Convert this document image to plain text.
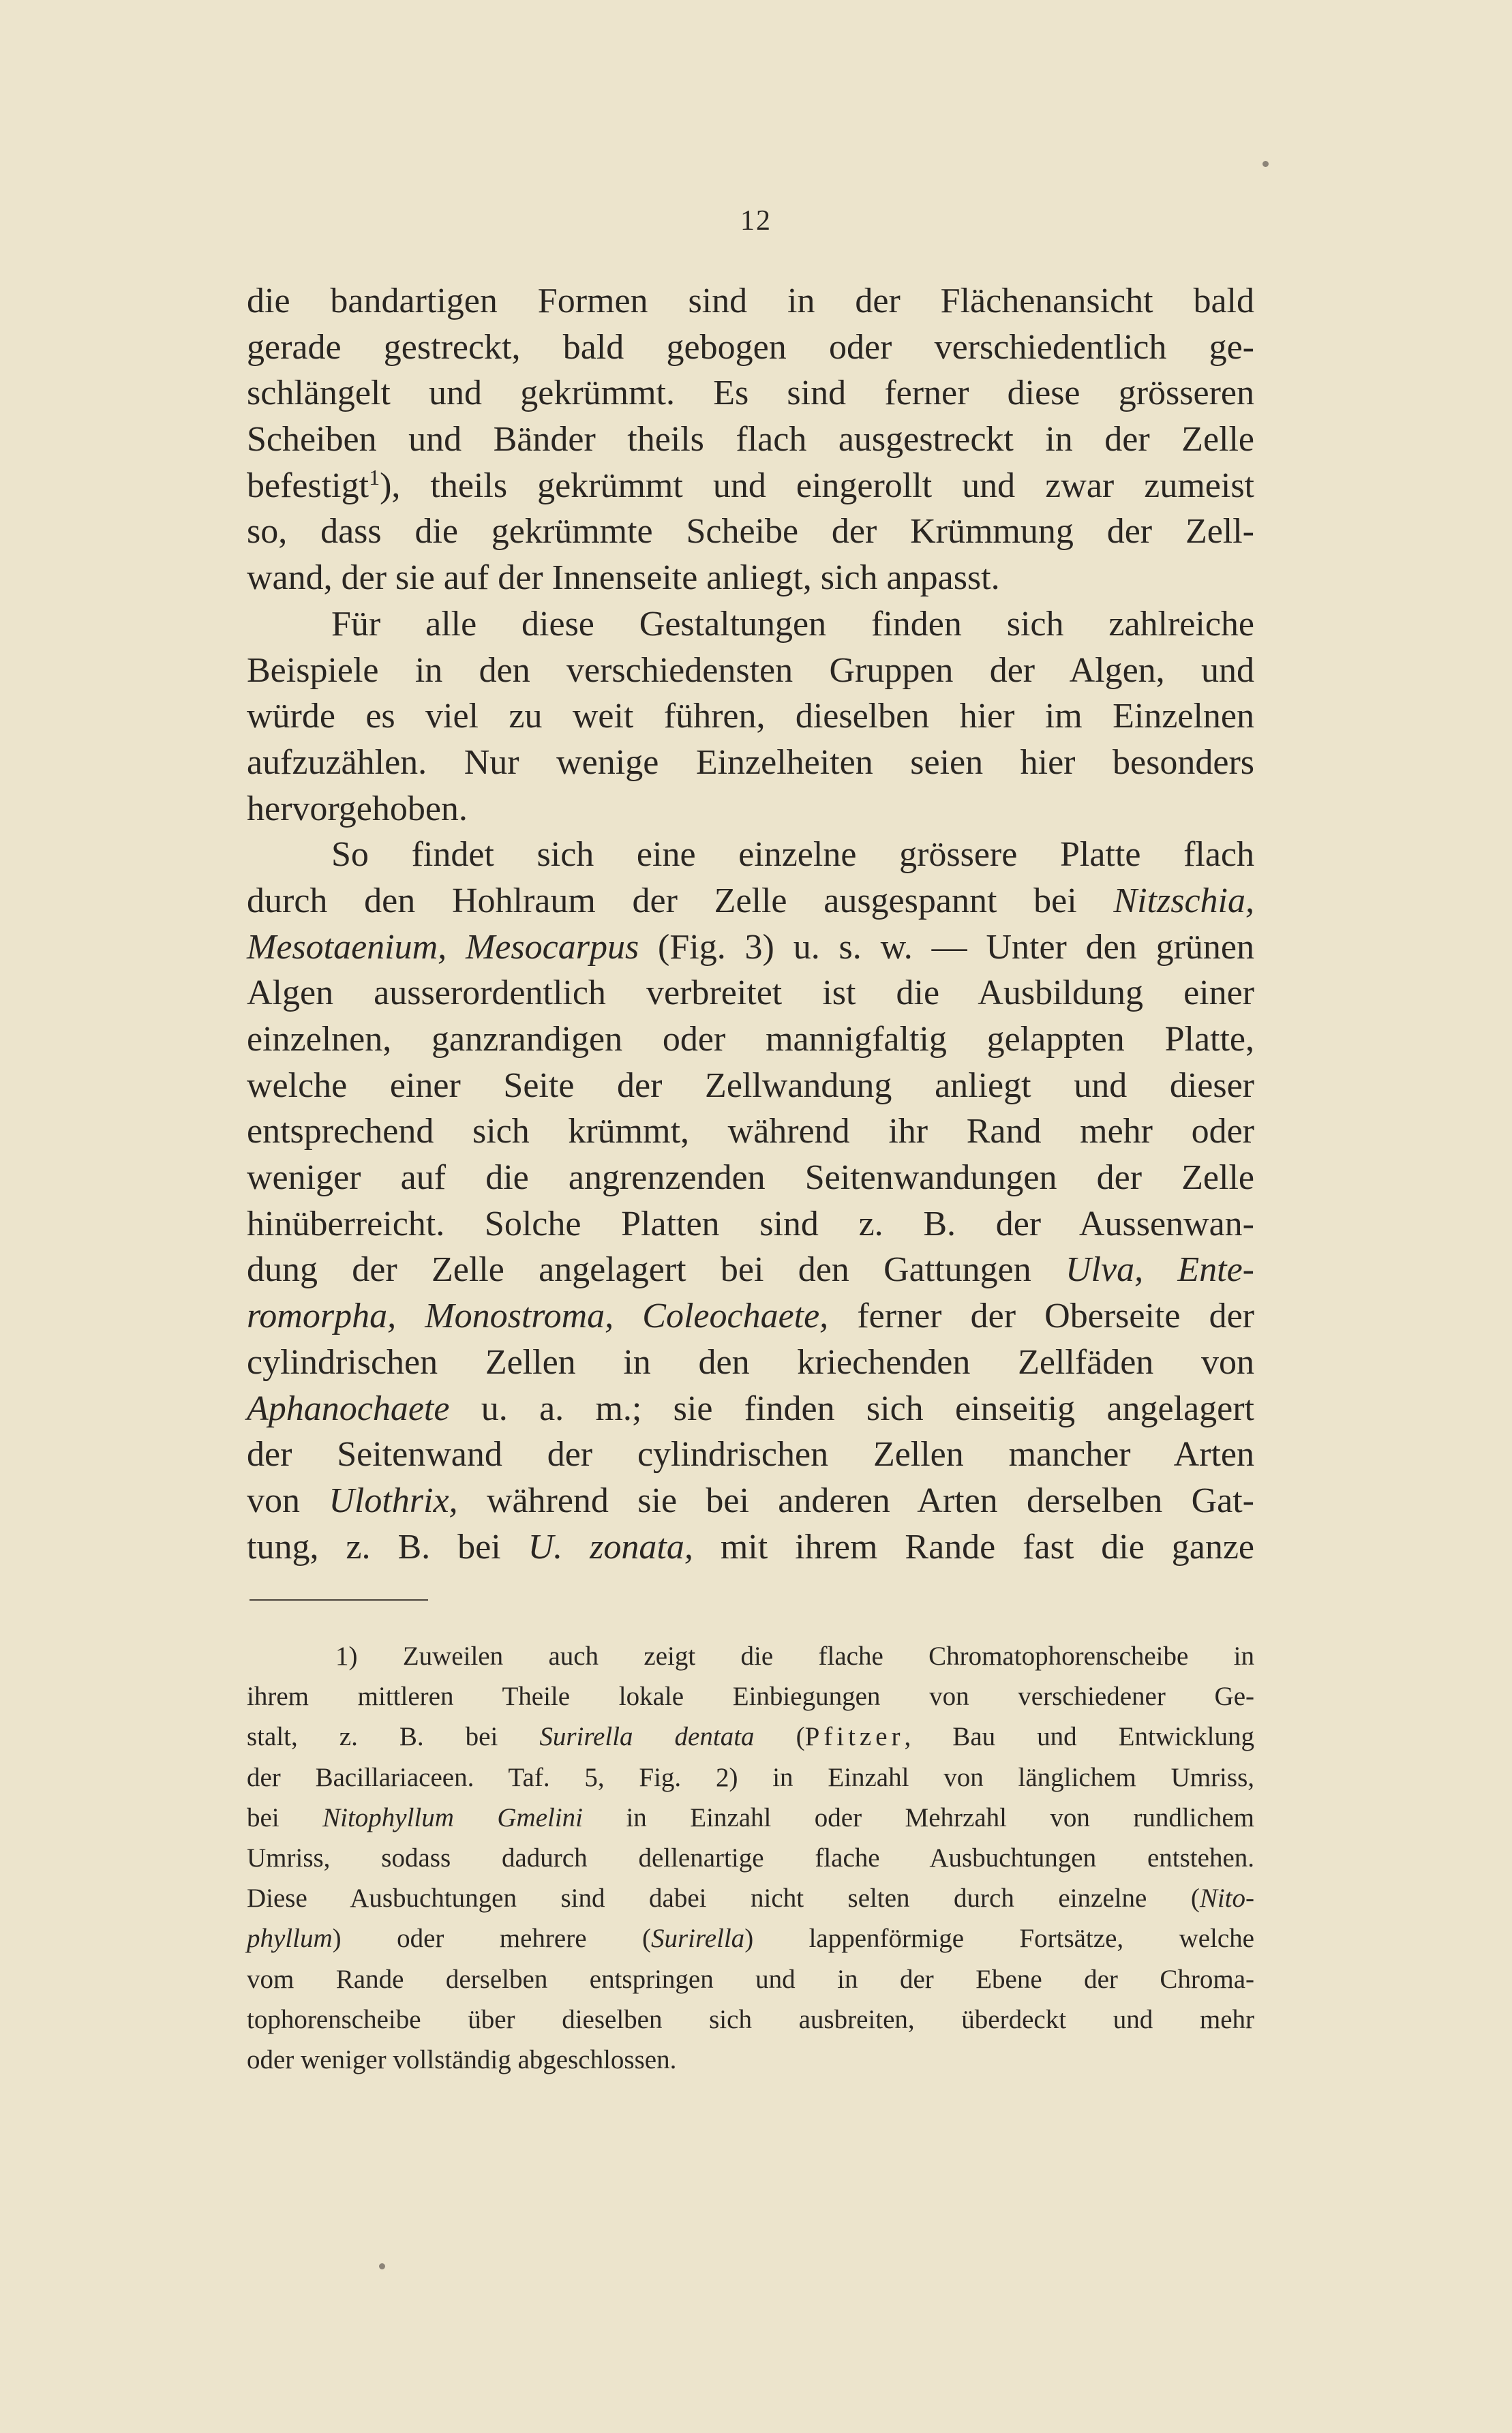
12
die bandartigen Formen sind in der Flächenansicht bald
gerade gestreckt, bald gebogen oder verschiedentlich ge-
schlängelt und gekrümmt. Es sind ferner diese grösseren
Scheiben und Bänder theils flach ausgestreckt in der Zelle
befestigt$^1$), theils gekrümmt und eingerollt und zwar zumeist
so, dass die gekrümmte Scheibe der Krümmung der Zell-
wand, der sie auf der Innenseite anliegt, sich anpasst.
Für alle diese Gestaltungen finden sich zahlreiche
Beispiele in den verschiedensten Gruppen der Algen, und
würde es viel zu weit führen, dieselben hier im Einzelnen
aufzuzählen. Nur wenige Einzelheiten seien hier besonders
hervorgehoben.
So findet sich eine einzelne grössere Platte flach
durch den Hohlraum der Zelle ausgespannt bei Nitzschia,
Mesotaenium, Mesocarpus (Fig. 3) u. s. w. — Unter den grünen
Algen ausserordentlich verbreitet ist die Ausbildung einer
einzelnen, ganzrandigen oder mannigfaltig gelappten Platte,
welche einer Seite der Zellwandung anliegt und dieser
entsprechend sich krümmt, während ihr Rand mehr oder
weniger auf die angrenzenden Seitenwandungen der Zelle
hinüberreicht. Solche Platten sind z. B. der Aussenwan-
dung der Zelle angelagert bei den Gattungen Ulva, Ente-
romorpha, Monostroma, Coleochaete, ferner der Oberseite der
cylindrischen Zellen in den kriechenden Zellfäden von
Aphanochaete u. a. m.; sie finden sich einseitig angelagert
der Seitenwand der cylindrischen Zellen mancher Arten
von Ulothrix, während sie bei anderen Arten derselben Gat-
tung, z. B. bei U. zonata, mit ihrem Rande fast die ganze
1) Zuweilen auch zeigt die flache Chromatophorenscheibe in
ihrem mittleren Theile lokale Einbiegungen von verschiedener Ge-
stalt, z. B. bei Surirella dentata (Pfitzer, Bau und Entwicklung
der Bacillariaceen. Taf. 5, Fig. 2) in Einzahl von länglichem Umriss,
bei Nitophyllum Gmelini in Einzahl oder Mehrzahl von rundlichem
Umriss, sodass dadurch dellenartige flache Ausbuchtungen entstehen.
Diese Ausbuchtungen sind dabei nicht selten durch einzelne (Nito-
phyllum) oder mehrere (Surirella) lappenförmige Fortsätze, welche
vom Rande derselben entspringen und in der Ebene der Chroma-
tophorenscheibe über dieselben sich ausbreiten, überdeckt und mehr
oder weniger vollständig abgeschlossen.
